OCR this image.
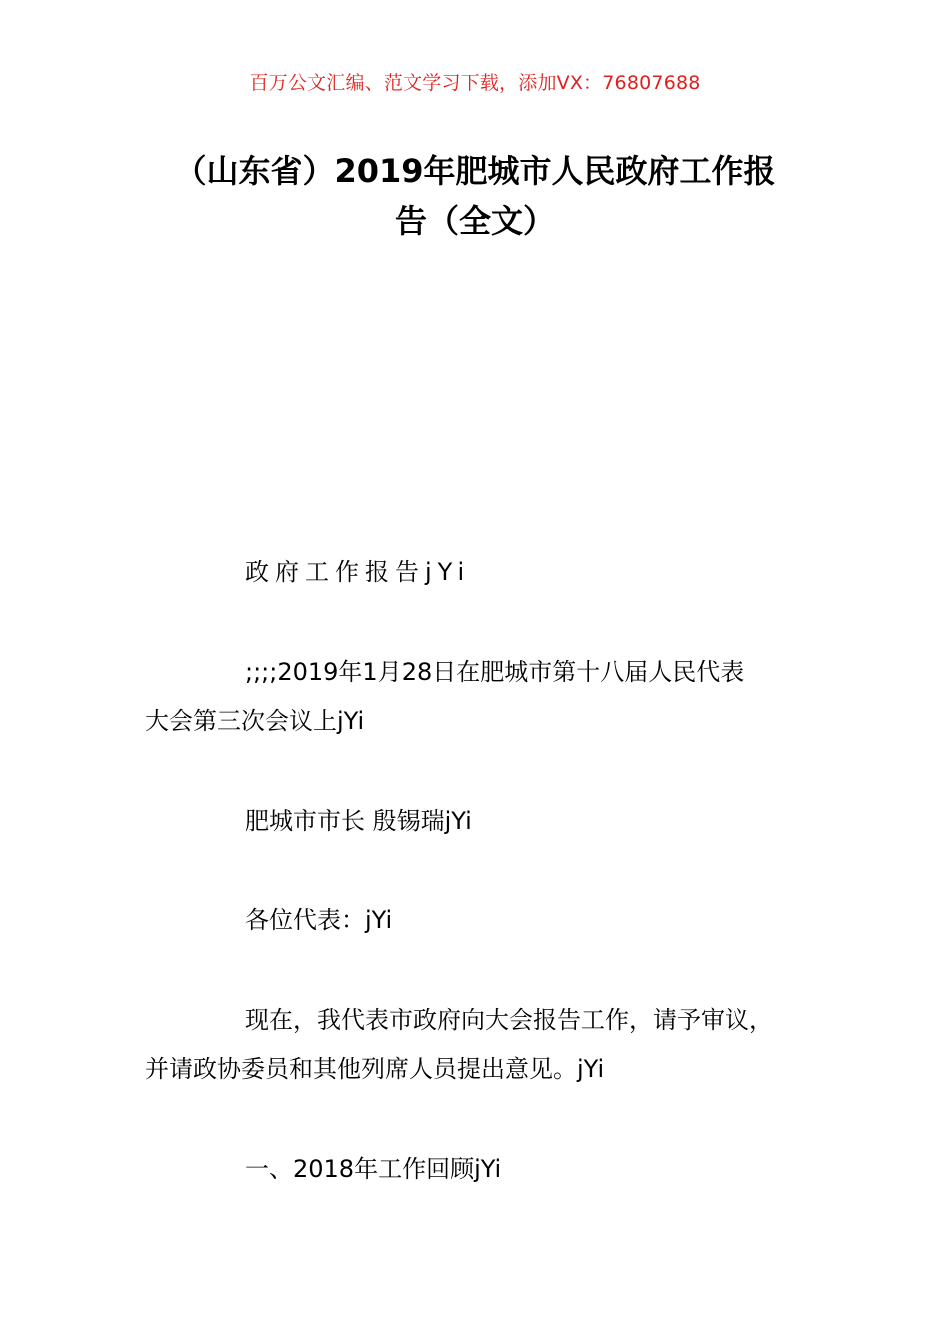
百万公文汇编、范文学习下载，添加VX：76807688
（山东省）2019年肥城市人民政府工作报
告（全文）
政府工作报告jYi
;;;;2019年1月28日在肥城市第十八届人民代表
大会第三次会议上jYi
肥城市市长 殷锡瑞jYi
各位代表：jYi
现在，我代表市政府向大会报告工作，请予审议，
并请政协委员和其他列席人员提出意见。jYi
一、2018年工作回顾jYi
